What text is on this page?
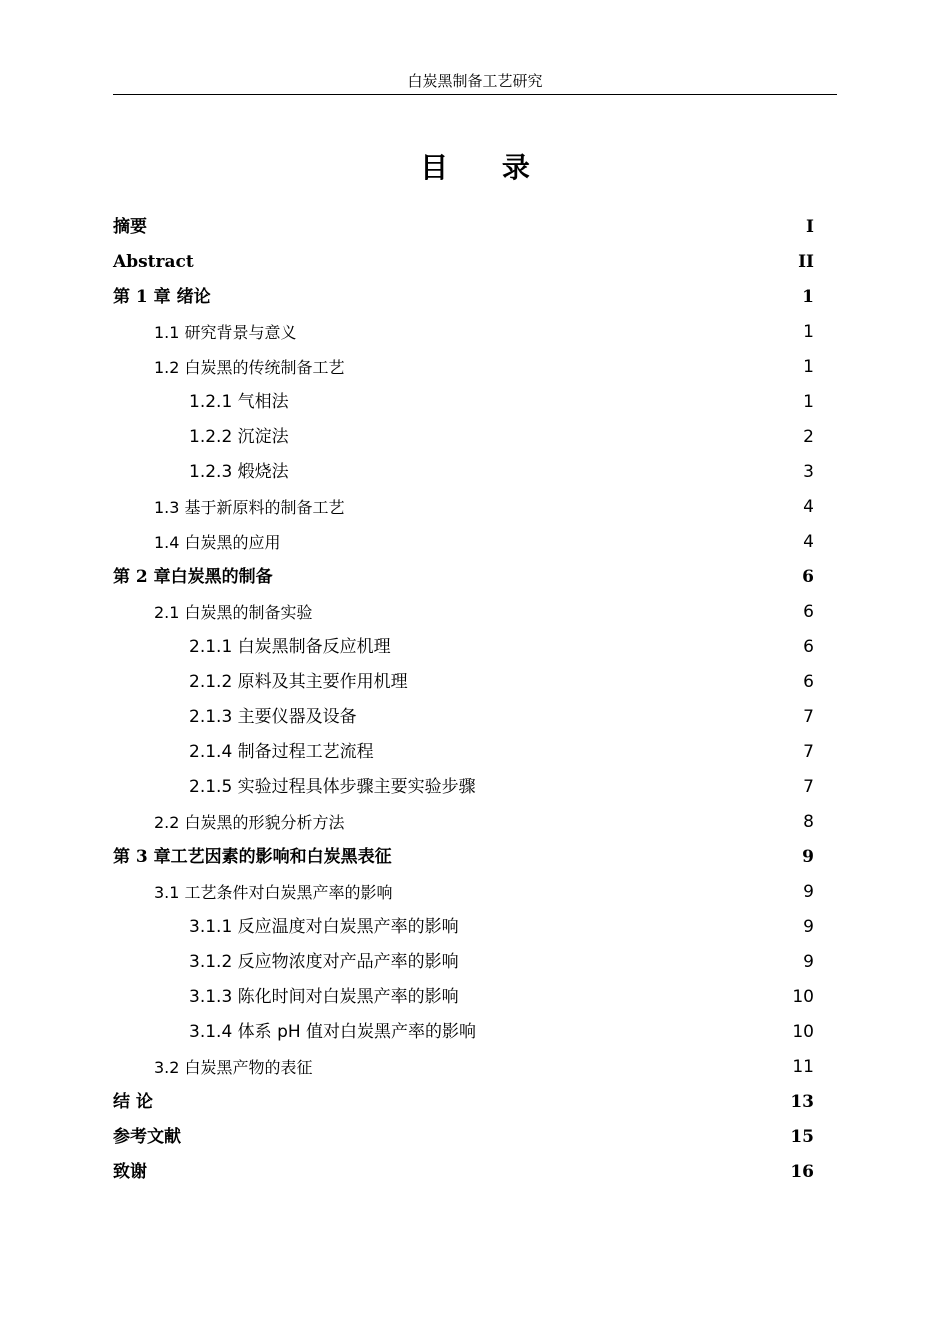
白炭黑制备工艺研究
目 录
摘要	I
Abstract	II
第 1 章 绪论	1
1.1 研究背景与意义	1
1.2 白炭黑的传统制备工艺	1
1.2.1 气相法	1
1.2.2 沉淀法	2
1.2.3 煅烧法	3
1.3 基于新原料的制备工艺	4
1.4 白炭黑的应用	4
第 2 章白炭黑的制备	6
2.1 白炭黑的制备实验	6
2.1.1 白炭黑制备反应机理	6
2.1.2 原料及其主要作用机理	6
2.1.3 主要仪器及设备	7
2.1.4 制备过程工艺流程	7
2.1.5 实验过程具体步骤主要实验步骤	7
2.2 白炭黑的形貌分析方法	8
第 3 章工艺因素的影响和白炭黑表征	9
3.1 工艺条件对白炭黑产率的影响	9
3.1.1 反应温度对白炭黑产率的影响	9
3.1.2 反应物浓度对产品产率的影响	9
3.1.3 陈化时间对白炭黑产率的影响	10
3.1.4 体系 pH 值对白炭黑产率的影响	10
3.2 白炭黑产物的表征	11
结 论	13
参考文献	15
致谢	16
